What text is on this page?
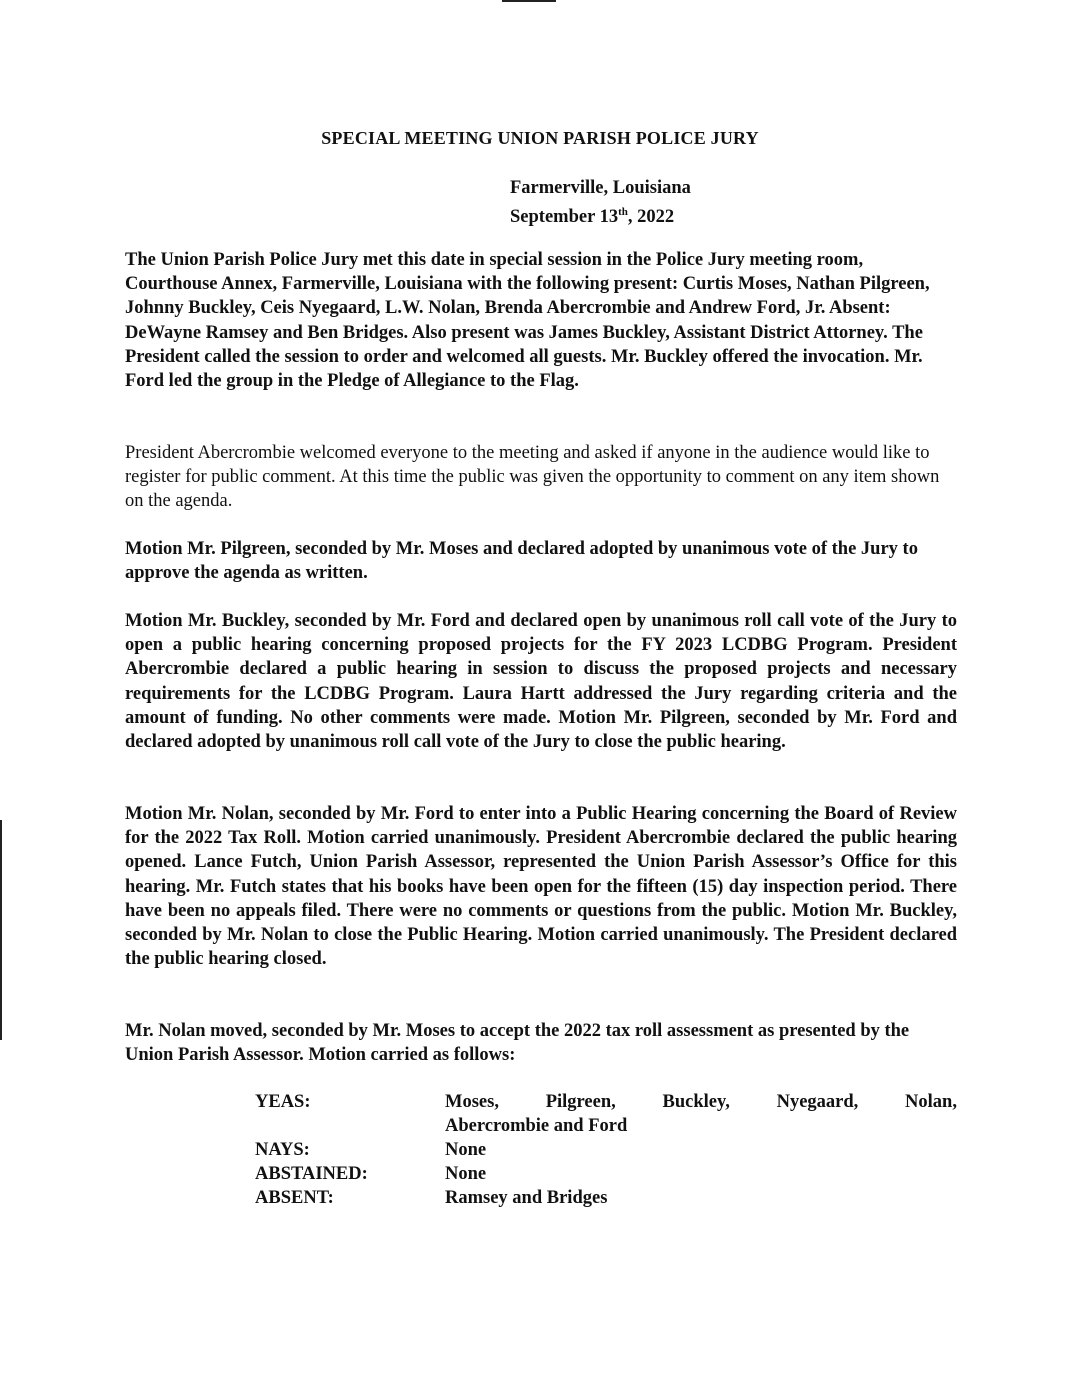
SPECIAL MEETING UNION PARISH POLICE JURY
Farmerville, Louisiana
September 13th, 2022

The Union Parish Police Jury met this date in special session in the Police Jury meeting room, Courthouse Annex, Farmerville, Louisiana with the following present: Curtis Moses, Nathan Pilgreen, Johnny Buckley, Ceis Nyegaard, L.W. Nolan, Brenda Abercrombie and Andrew Ford, Jr. Absent: DeWayne Ramsey and Ben Bridges. Also present was James Buckley, Assistant District Attorney. The President called the session to order and welcomed all guests. Mr. Buckley offered the invocation. Mr. Ford led the group in the Pledge of Allegiance to the Flag.

President Abercrombie welcomed everyone to the meeting and asked if anyone in the audience would like to register for public comment. At this time the public was given the opportunity to comment on any item shown on the agenda.

Motion Mr. Pilgreen, seconded by Mr. Moses and declared adopted by unanimous vote of the Jury to approve the agenda as written.

Motion Mr. Buckley, seconded by Mr. Ford and declared open by unanimous roll call vote of the Jury to open a public hearing concerning proposed projects for the FY 2023 LCDBG Program. President Abercrombie declared a public hearing in session to discuss the proposed projects and necessary requirements for the LCDBG Program. Laura Hartt addressed the Jury regarding criteria and the amount of funding. No other comments were made. Motion Mr. Pilgreen, seconded by Mr. Ford and declared adopted by unanimous roll call vote of the Jury to close the public hearing.

Motion Mr. Nolan, seconded by Mr. Ford to enter into a Public Hearing concerning the Board of Review for the 2022 Tax Roll. Motion carried unanimously. President Abercrombie declared the public hearing opened. Lance Futch, Union Parish Assessor, represented the Union Parish Assessor’s Office for this hearing. Mr. Futch states that his books have been open for the fifteen (15) day inspection period. There have been no appeals filed. There were no comments or questions from the public. Motion Mr. Buckley, seconded by Mr. Nolan to close the Public Hearing. Motion carried unanimously. The President declared the public hearing closed.

Mr. Nolan moved, seconded by Mr. Moses to accept the 2022 tax roll assessment as presented by the Union Parish Assessor. Motion carried as follows:

YEAS:	Moses,	Pilgreen,	Buckley,	Nyegaard,	Nolan,
Abercrombie and Ford
NAYS:	None
ABSTAINED:	None
ABSENT:	Ramsey and Bridges
